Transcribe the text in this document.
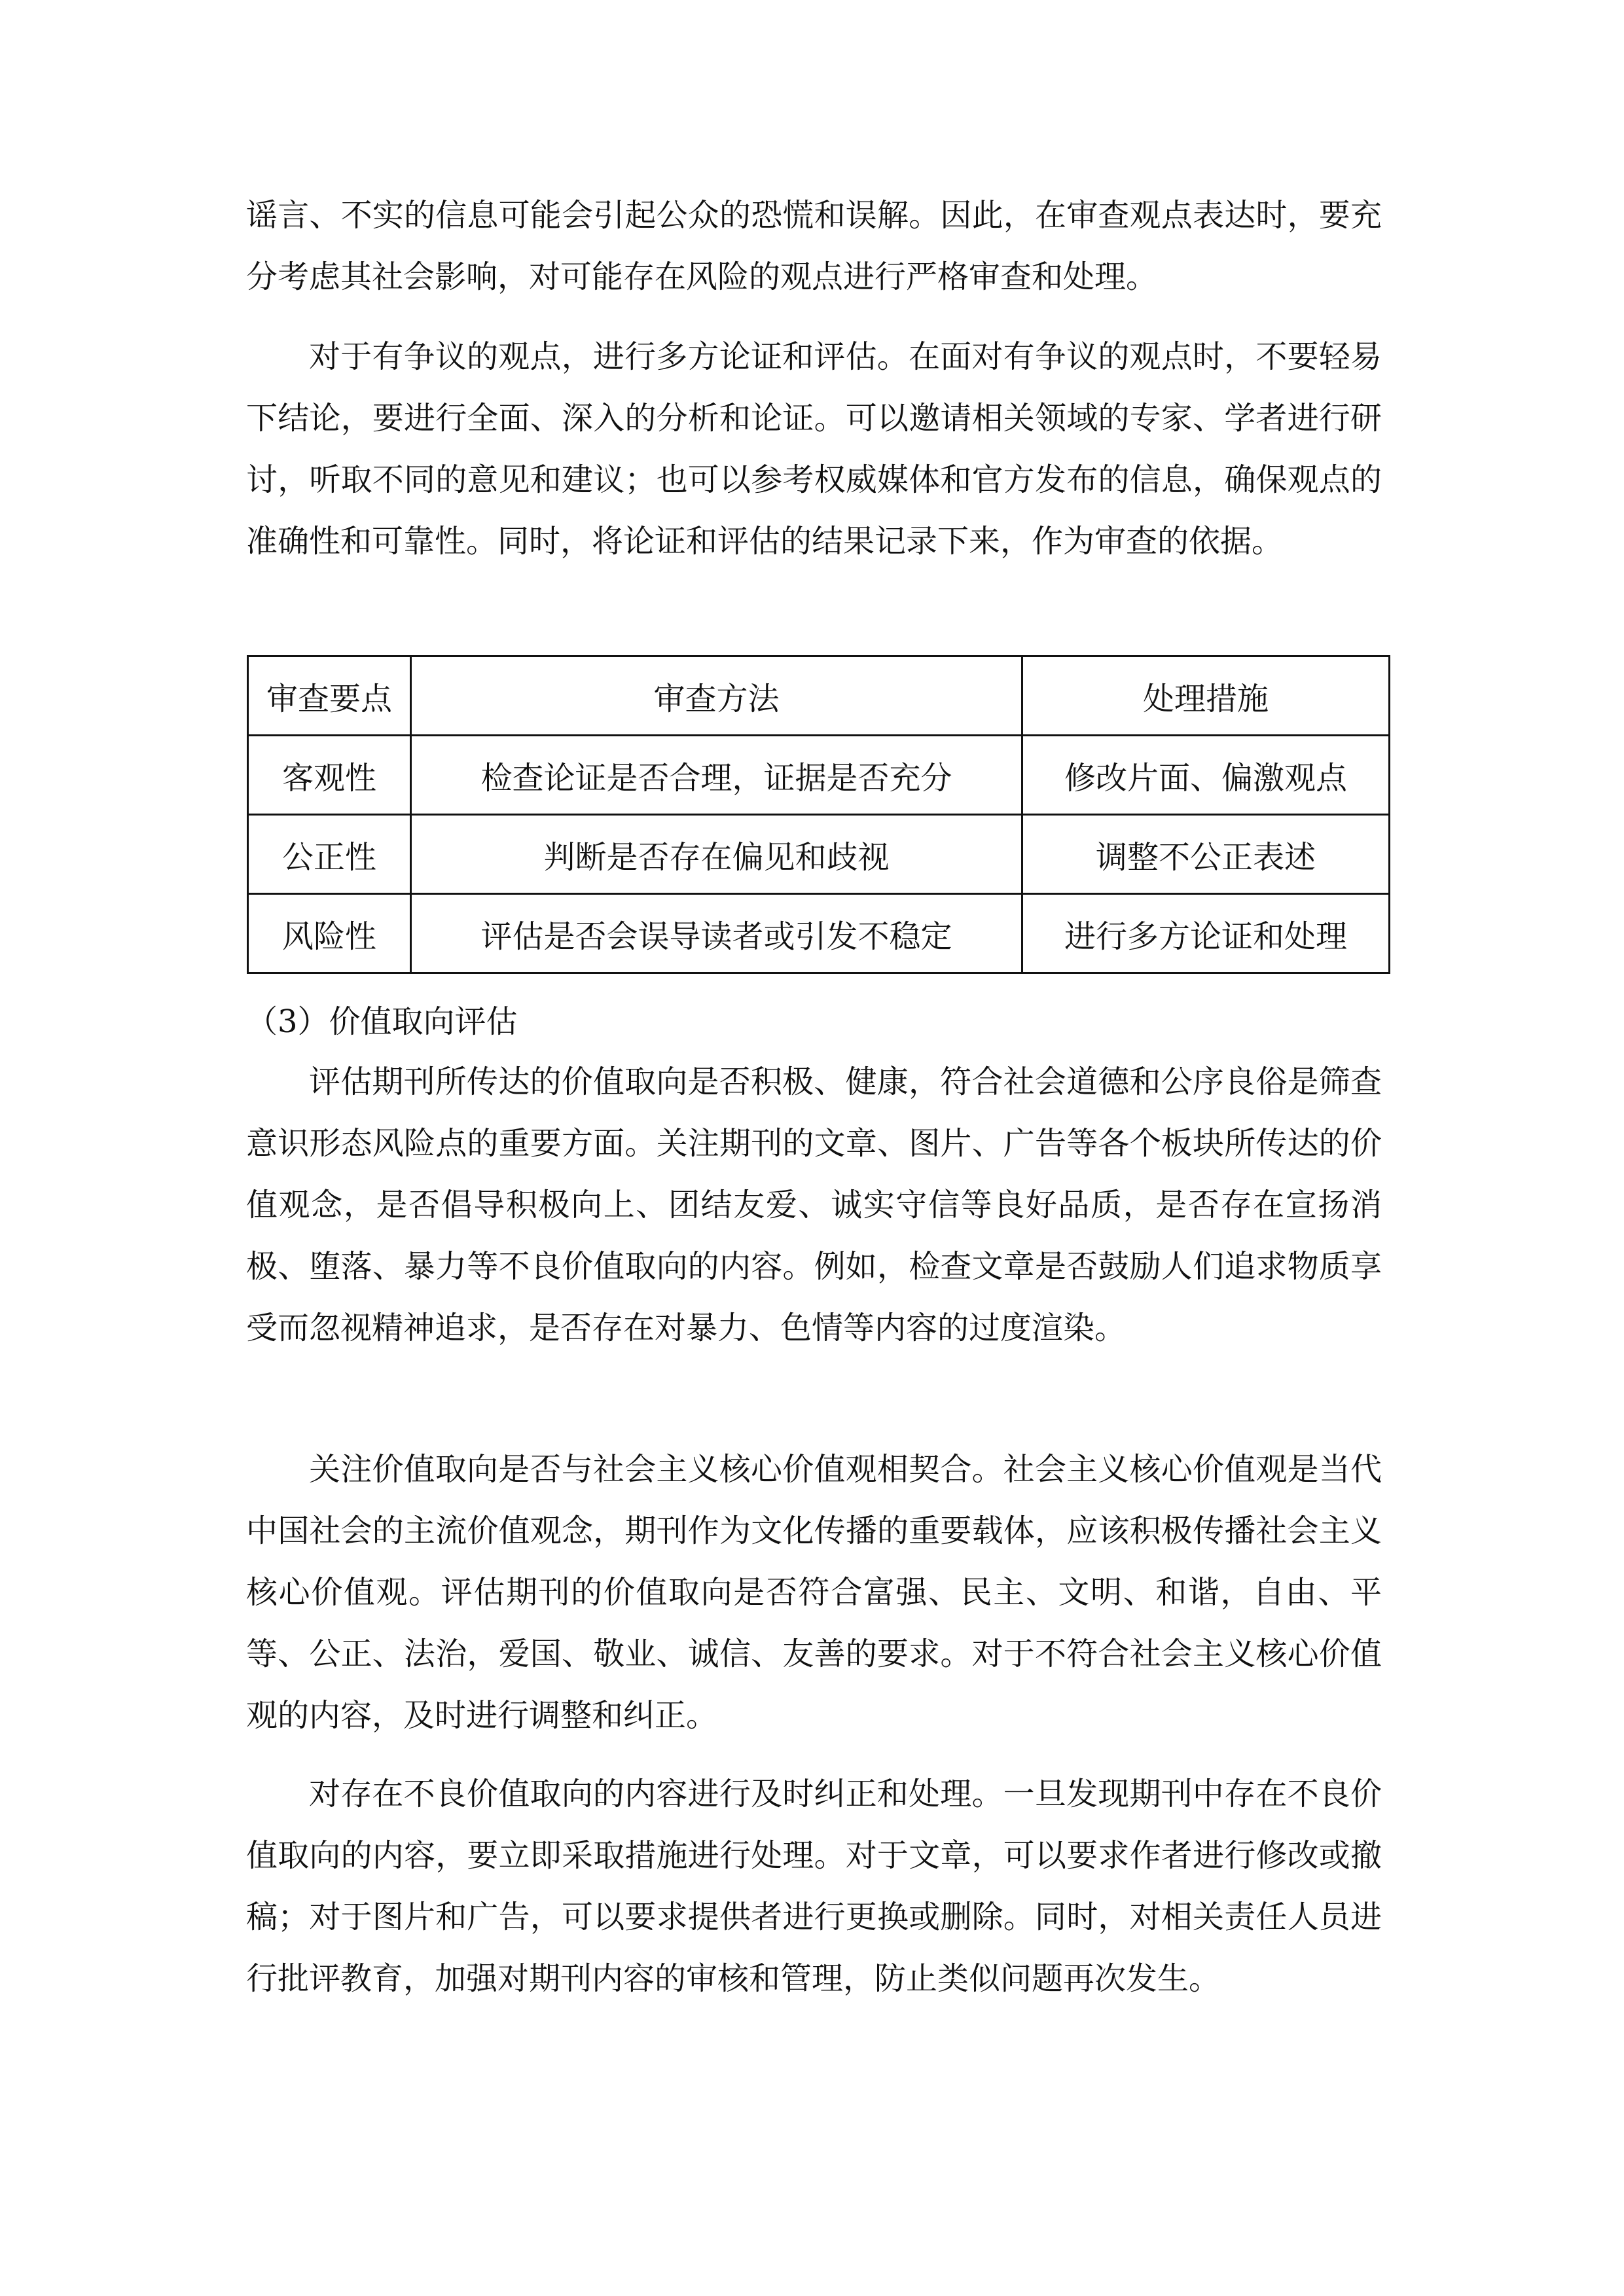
谣言、不实的信息可能会引起公众的恐慌和误解。因此，在审查观点表达时，要充分考虑其社会影响，对可能存在风险的观点进行严格审查和处理。

对于有争议的观点，进行多方论证和评估。在面对有争议的观点时，不要轻易下结论，要进行全面、深入的分析和论证。可以邀请相关领域的专家、学者进行研讨，听取不同的意见和建议；也可以参考权威媒体和官方发布的信息，确保观点的准确性和可靠性。同时，将论证和评估的结果记录下来，作为审查的依据。

审查要点	审查方法	处理措施
客观性	检查论证是否合理，证据是否充分	修改片面、偏激观点
公正性	判断是否存在偏见和歧视	调整不公正表述
风险性	评估是否会误导读者或引发不稳定	进行多方论证和处理

（3）价值取向评估

评估期刊所传达的价值取向是否积极、健康，符合社会道德和公序良俗是筛查意识形态风险点的重要方面。关注期刊的文章、图片、广告等各个板块所传达的价值观念，是否倡导积极向上、团结友爱、诚实守信等良好品质，是否存在宣扬消极、堕落、暴力等不良价值取向的内容。例如，检查文章是否鼓励人们追求物质享受而忽视精神追求，是否存在对暴力、色情等内容的过度渲染。

关注价值取向是否与社会主义核心价值观相契合。社会主义核心价值观是当代中国社会的主流价值观念，期刊作为文化传播的重要载体，应该积极传播社会主义核心价值观。评估期刊的价值取向是否符合富强、民主、文明、和谐，自由、平等、公正、法治，爱国、敬业、诚信、友善的要求。对于不符合社会主义核心价值观的内容，及时进行调整和纠正。

对存在不良价值取向的内容进行及时纠正和处理。一旦发现期刊中存在不良价值取向的内容，要立即采取措施进行处理。对于文章，可以要求作者进行修改或撤稿；对于图片和广告，可以要求提供者进行更换或删除。同时，对相关责任人员进行批评教育，加强对期刊内容的审核和管理，防止类似问题再次发生。
